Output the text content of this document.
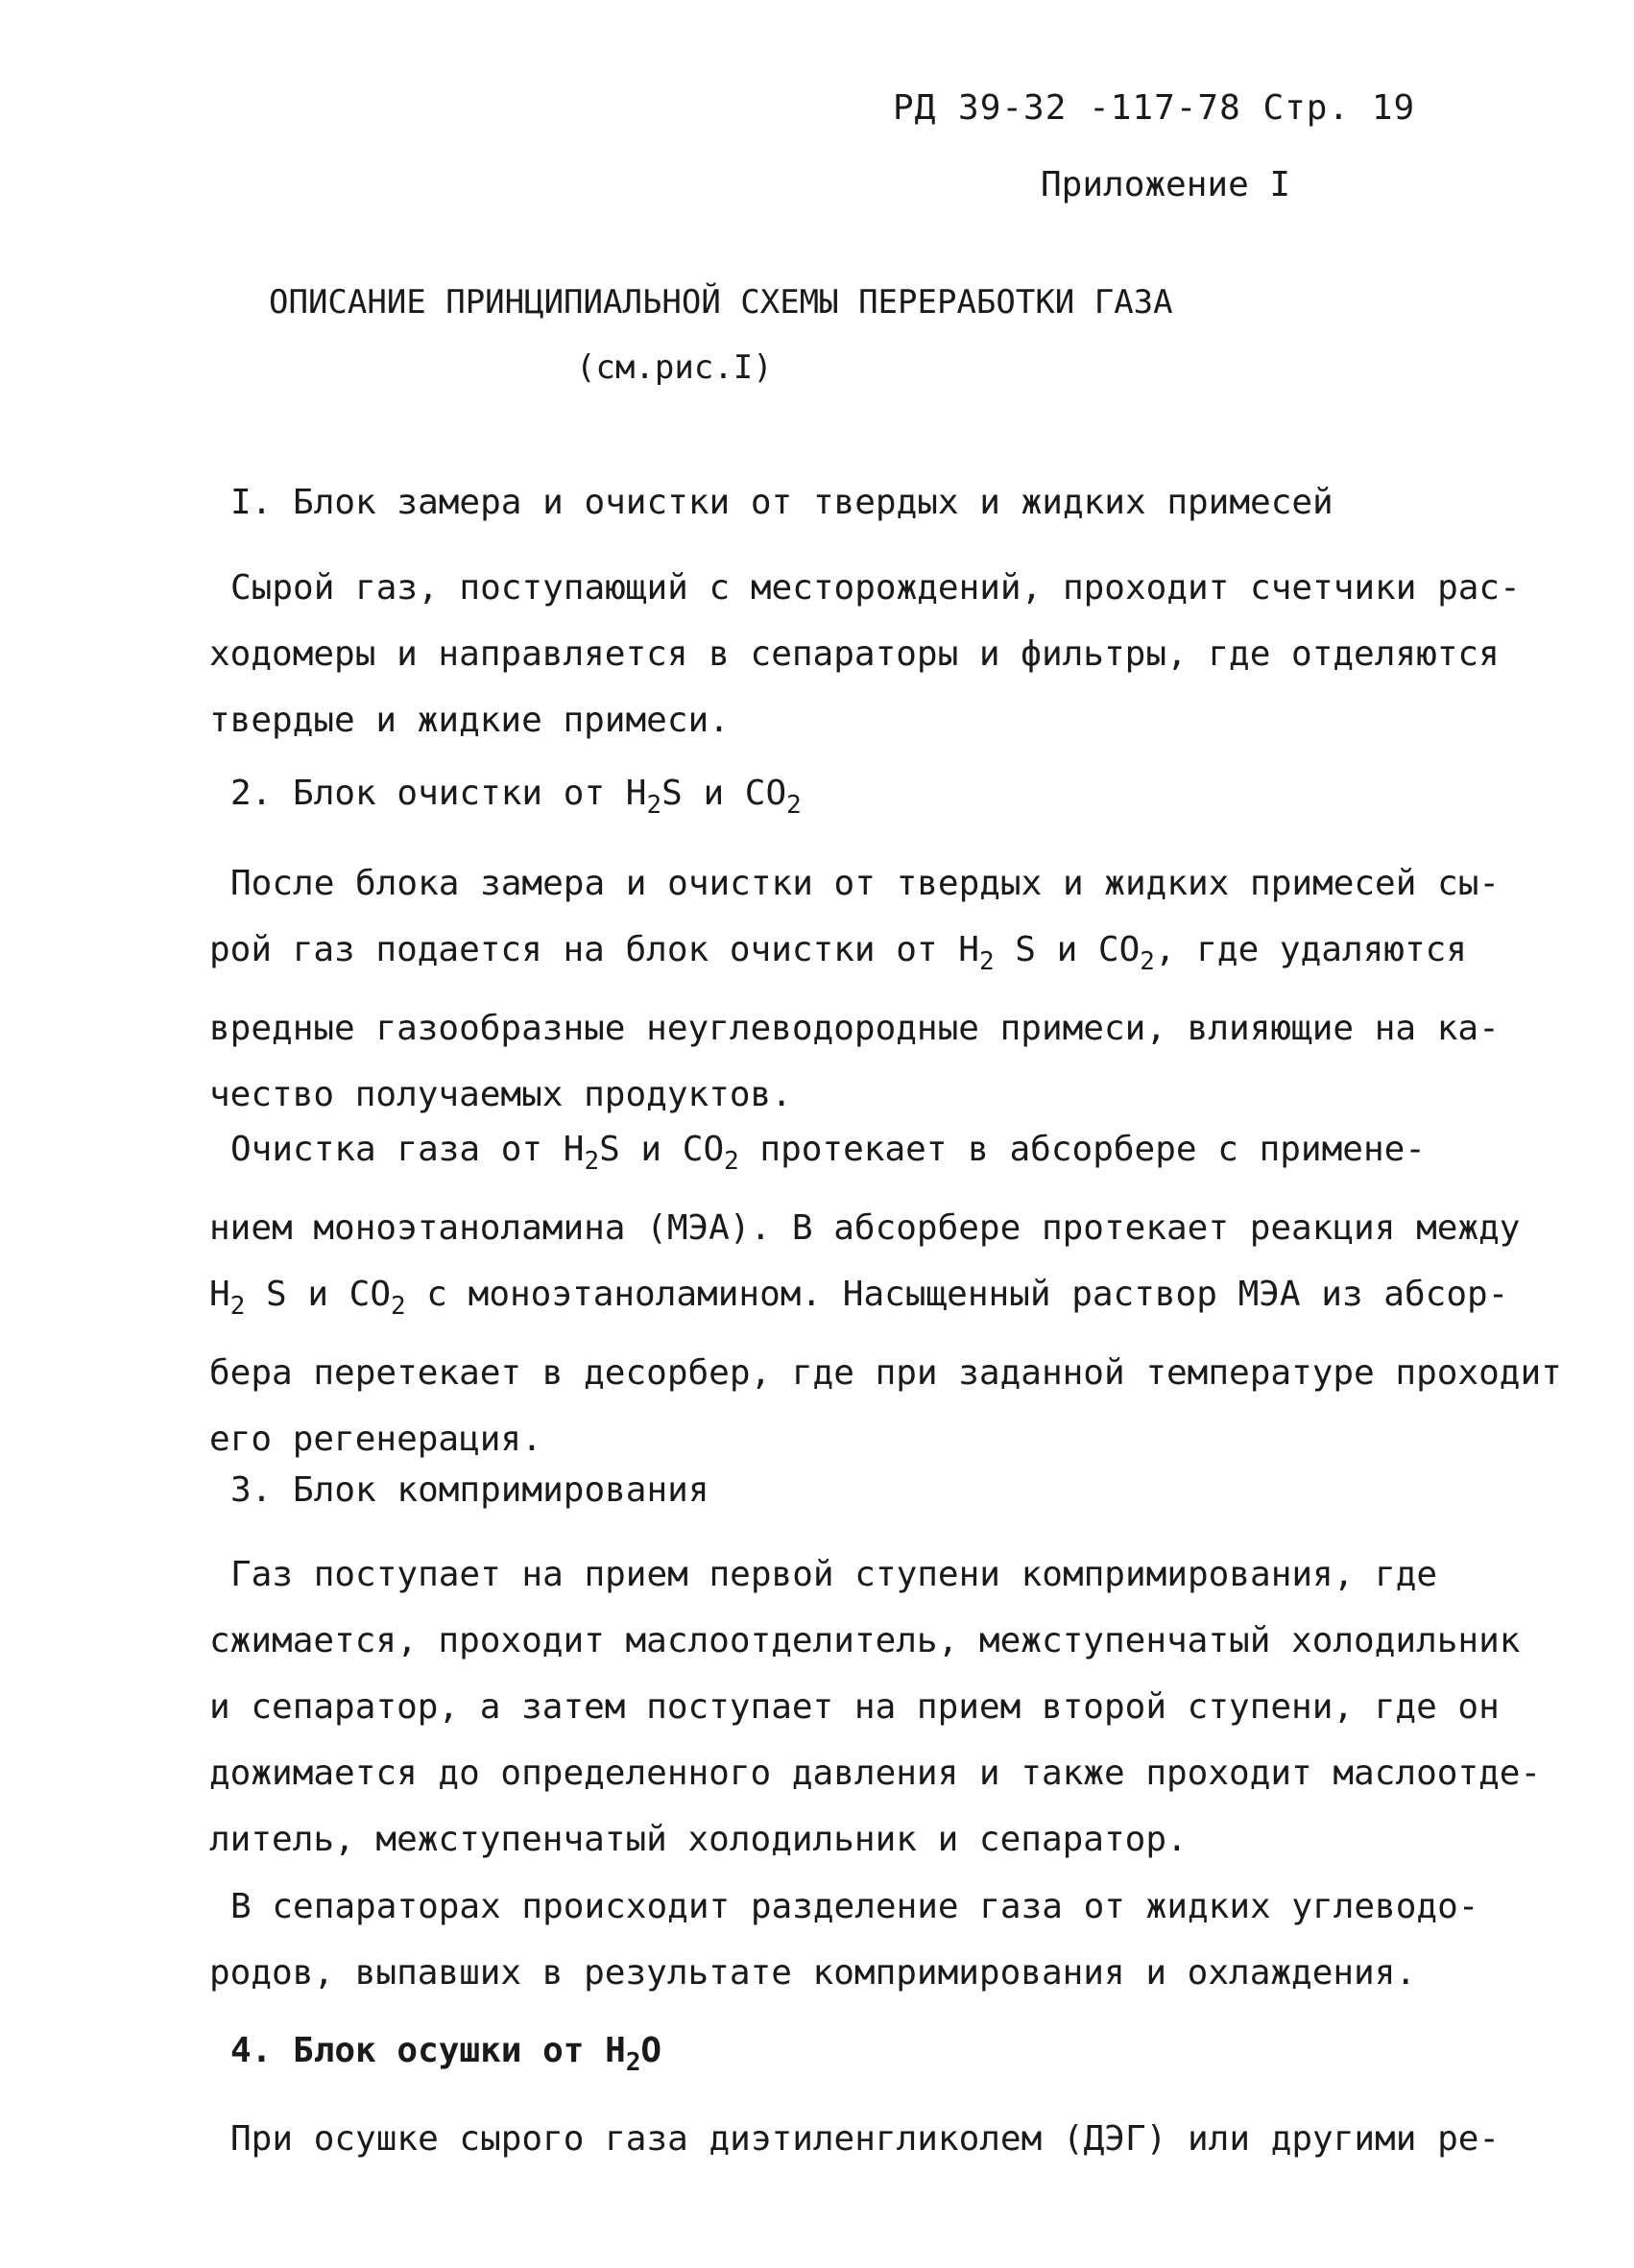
РД 39-32 -117-78 Стр. 19
Приложение I
ОПИСАНИЕ ПРИНЦИПИАЛЬНОЙ СХЕМЫ ПЕРЕРАБОТКИ ГАЗА
(см.рис.I)
I. Блок замера и очистки от твердых и жидких примесей
Сырой газ, поступающий с месторождений, проходит счетчики рас-
ходомеры и направляется в сепараторы и фильтры, где отделяются
твердые и жидкие примеси.
2. Блок очистки от $H_2S$ и $CO_2$
После блока замера и очистки от твердых и жидких примесей сы-
рой газ подается на блок очистки от $H_2$ S и $CO_2$, где удаляются
вредные газообразные неуглеводородные примеси, влияющие на ка-
чество получаемых продуктов.
Очистка газа от $H_2S$ и $CO_2$ протекает в абсорбере с примене-
нием моноэтаноламина (МЭА). В абсорбере протекает реакция между
$H_2$ S и $CO_2$ с моноэтаноламином. Насыщенный раствор МЭА из абсор-
бера перетекает в десорбер, где при заданной температуре проходит
его регенерация.
3. Блок компримирования
Газ поступает на прием первой ступени компримирования, где
сжимается, проходит маслоотделитель, межступенчатый холодильник
и сепаратор, а затем поступает на прием второй ступени, где он
дожимается до определенного давления и также проходит маслоотде-
литель, межступенчатый холодильник и сепаратор.
В сепараторах происходит разделение газа от жидких углеводо-
родов, выпавших в результате компримирования и охлаждения.
4. Блок осушки от $H_2O$
При осушке сырого газа диэтиленгликолем (ДЭГ) или другими ре-
